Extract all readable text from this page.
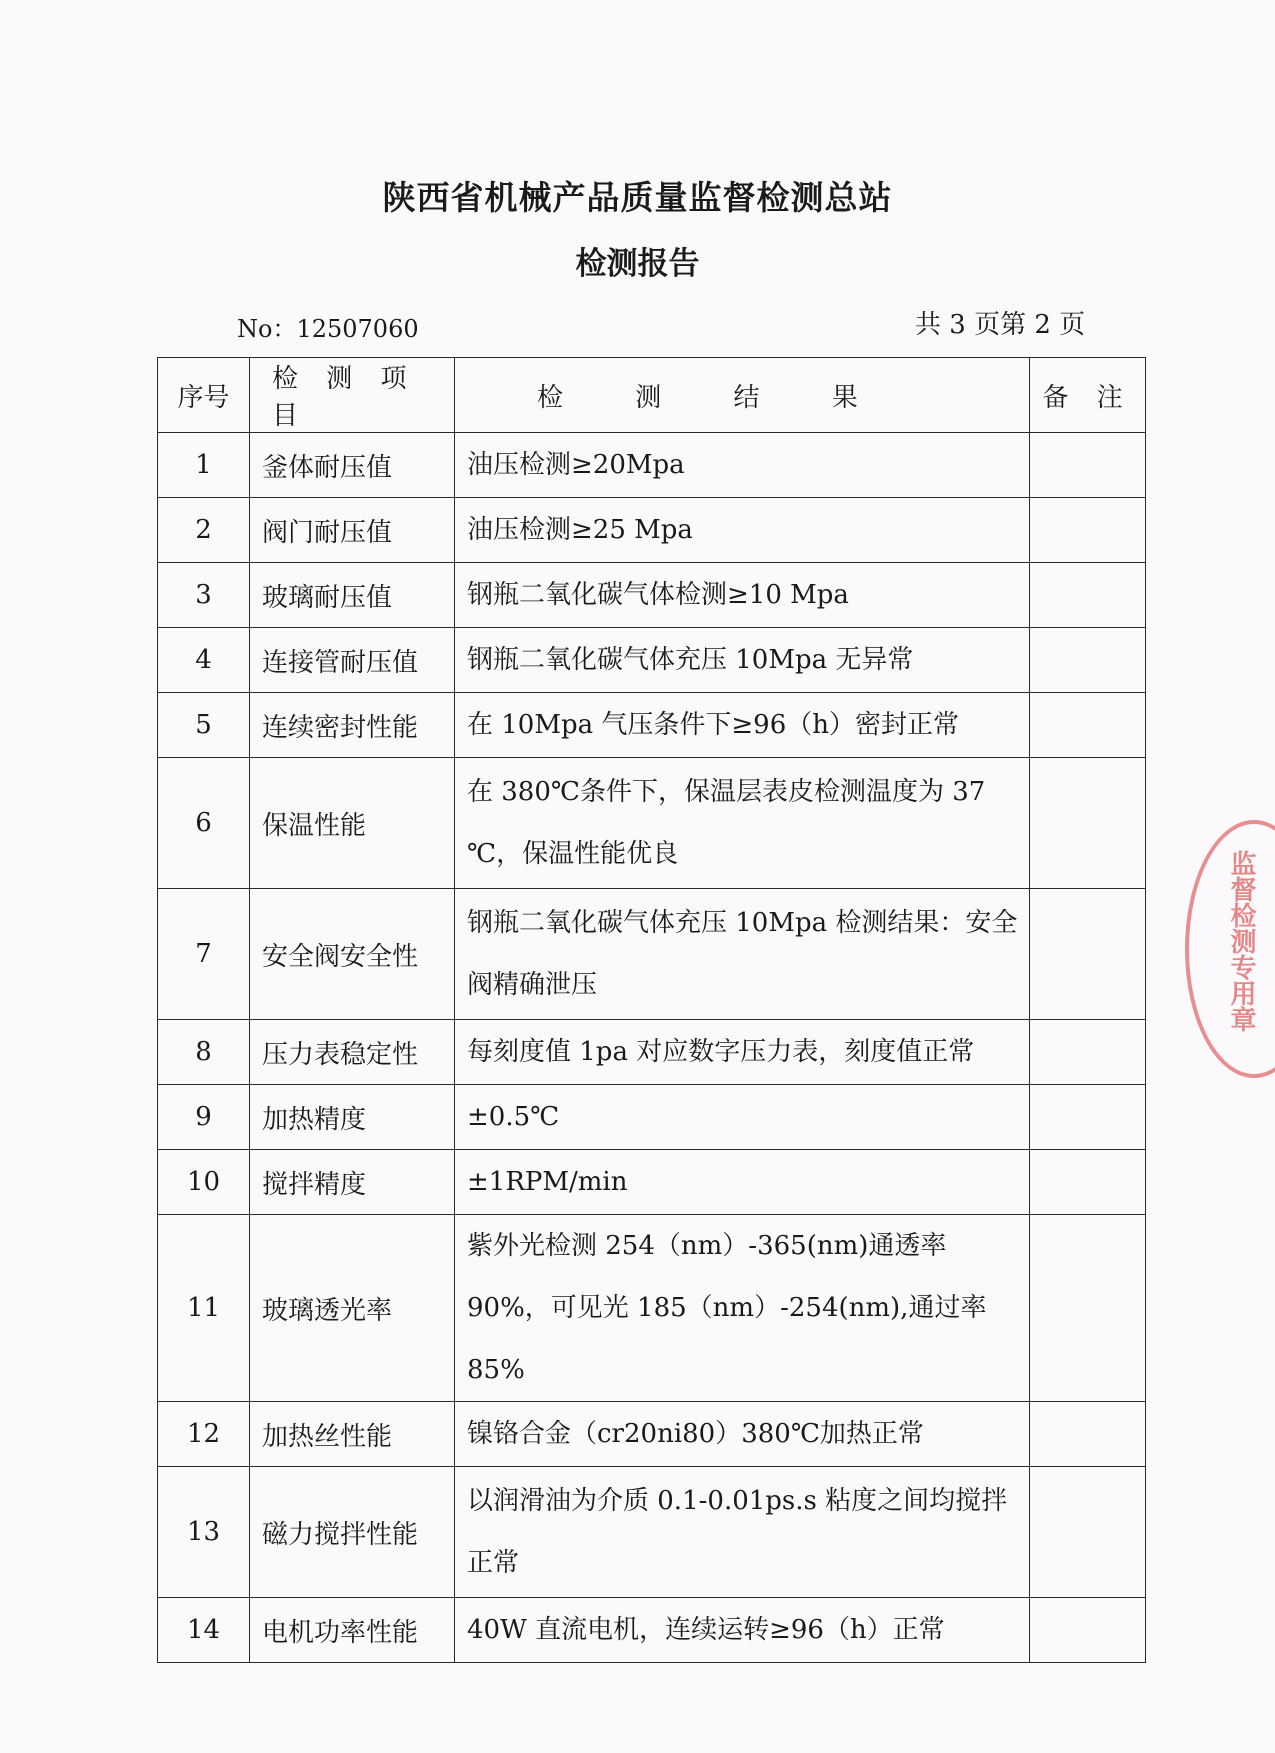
陕西省机械产品质量监督检测总站
检测报告
No：12507060	共 3 页第 2 页
序号	检 测 项 目	检 测 结 果	备 注
1	釜体耐压值	油压检测≥20Mpa	
2	阀门耐压值	油压检测≥25 Mpa	
3	玻璃耐压值	钢瓶二氧化碳气体检测≥10 Mpa	
4	连接管耐压值	钢瓶二氧化碳气体充压 10Mpa 无异常	
5	连续密封性能	在 10Mpa 气压条件下≥96（h）密封正常	
6	保温性能	在 380℃条件下，保温层表皮检测温度为 37 ℃，保温性能优良	
7	安全阀安全性	钢瓶二氧化碳气体充压 10Mpa 检测结果：安全阀精确泄压	
8	压力表稳定性	每刻度值 1pa 对应数字压力表，刻度值正常	
9	加热精度	±0.5℃	
10	搅拌精度	±1RPM/min	
11	玻璃透光率	紫外光检测 254（nm）-365(nm)通透率 90%，可见光 185（nm）-254(nm),通过率 85%	
12	加热丝性能	镍铬合金（cr20ni80）380℃加热正常	
13	磁力搅拌性能	以润滑油为介质 0.1-0.01ps.s 粘度之间均搅拌正常	
14	电机功率性能	40W 直流电机，连续运转≥96（h）正常	
监督检测专用章
